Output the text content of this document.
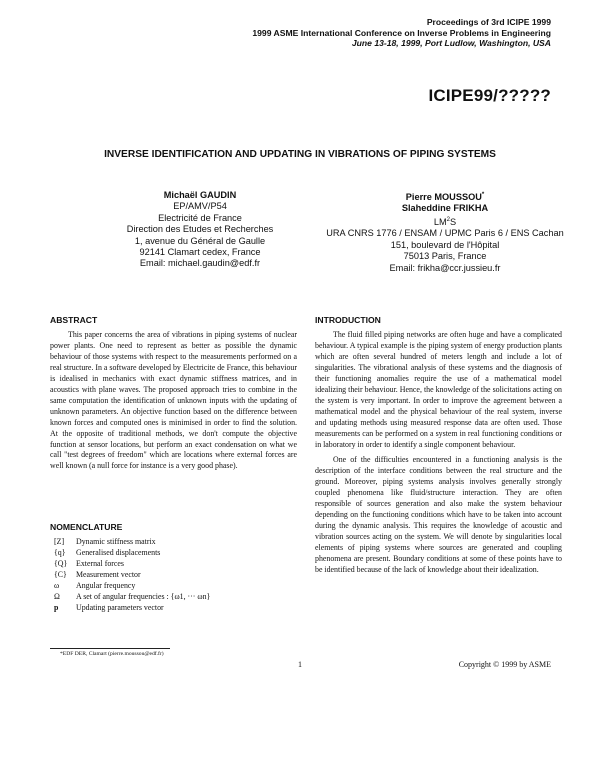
Proceedings of 3rd ICIPE 1999
1999 ASME International Conference on Inverse Problems in Engineering
June 13-18, 1999, Port Ludlow, Washington, USA
ICIPE99/?????
INVERSE IDENTIFICATION AND UPDATING IN VIBRATIONS OF PIPING SYSTEMS
Michaël GAUDIN
EP/AMV/P54
Electricité de France
Direction des Etudes et Recherches
1, avenue du Général de Gaulle
92141 Clamart cedex, France
Email: michael.gaudin@edf.fr
Pierre MOUSSOU*
Slaheddine FRIKHA
$LM^2S$
URA CNRS 1776 / ENSAM / UPMC Paris 6 / ENS Cachan
151, boulevard de l'Hôpital
75013 Paris, France
Email: frikha@ccr.jussieu.fr
ABSTRACT

This paper concerns the area of vibrations in piping systems of nuclear power plants. One need to represent as better as possible the dynamic behaviour of those systems with respect to the measurements performed on a real structure. In a software developed by Electricite de France, this behaviour is idealised in mechanics with exact dynamic stiffness matrices, and in acoustics with plane waves. The proposed approach tries to combine in the same computation the identification of unknown inputs with the updating of unknown parameters. An objective function based on the difference between known forces and computed ones is minimised in order to find the solution. At the opposite of traditional methods, we don't compute the objective function at sensor locations, but perform an exact condensation on what we call "test degrees of freedom" which are locations where external forces are well known (a null force for instance is a very good phase).

NOMENCLATURE
[Z]	Dynamic stiffness matrix
{q}	Generalised displacements
{Q}	External forces
{C}	Measurement vector
ω	Angular frequency
Ω	A set of angular frequencies : {ω1, ··· ωn}
p	Updating parameters vector
INTRODUCTION

The fluid filled piping networks are often huge and have a complicated behaviour. A typical example is the piping system of energy production plants which are often several hundred of meters length and include a lot of singularities. The vibrational analysis of these systems and the diagnosis of their functioning anomalies require the use of a mathematical model idealizing their behaviour. Hence, the knowledge of the solicitations acting on the system is very important. In order to improve the agreement between a mathematical model and the physical behaviour of the real system, inverse and updating methods using measured response data are often used. Those measurements can be performed on a system in real functioning conditions or in laboratory in order to identify a single component behaviour.

One of the difficulties encountered in a functioning analysis is the description of the interface conditions between the real structure and the ground. Moreover, piping systems analysis involves generally strongly coupled phenomena like fluid/structure interaction. They are often responsible of sources generation and also make the system behaviour depending on the functioning conditions which have to be taken into account during the dynamic analysis. This requires the knowledge of acoustic and vibration sources acting on the system. We will denote by singularities local elements of piping systems where sources are generated and coupling phenomena are present. Boundary conditions at some of these points have to be identified because of the lack of knowledge about their idealization.

*EDF DER, Clamart (pierre.moussou@edf.fr)
1	Copyright © 1999 by ASME
